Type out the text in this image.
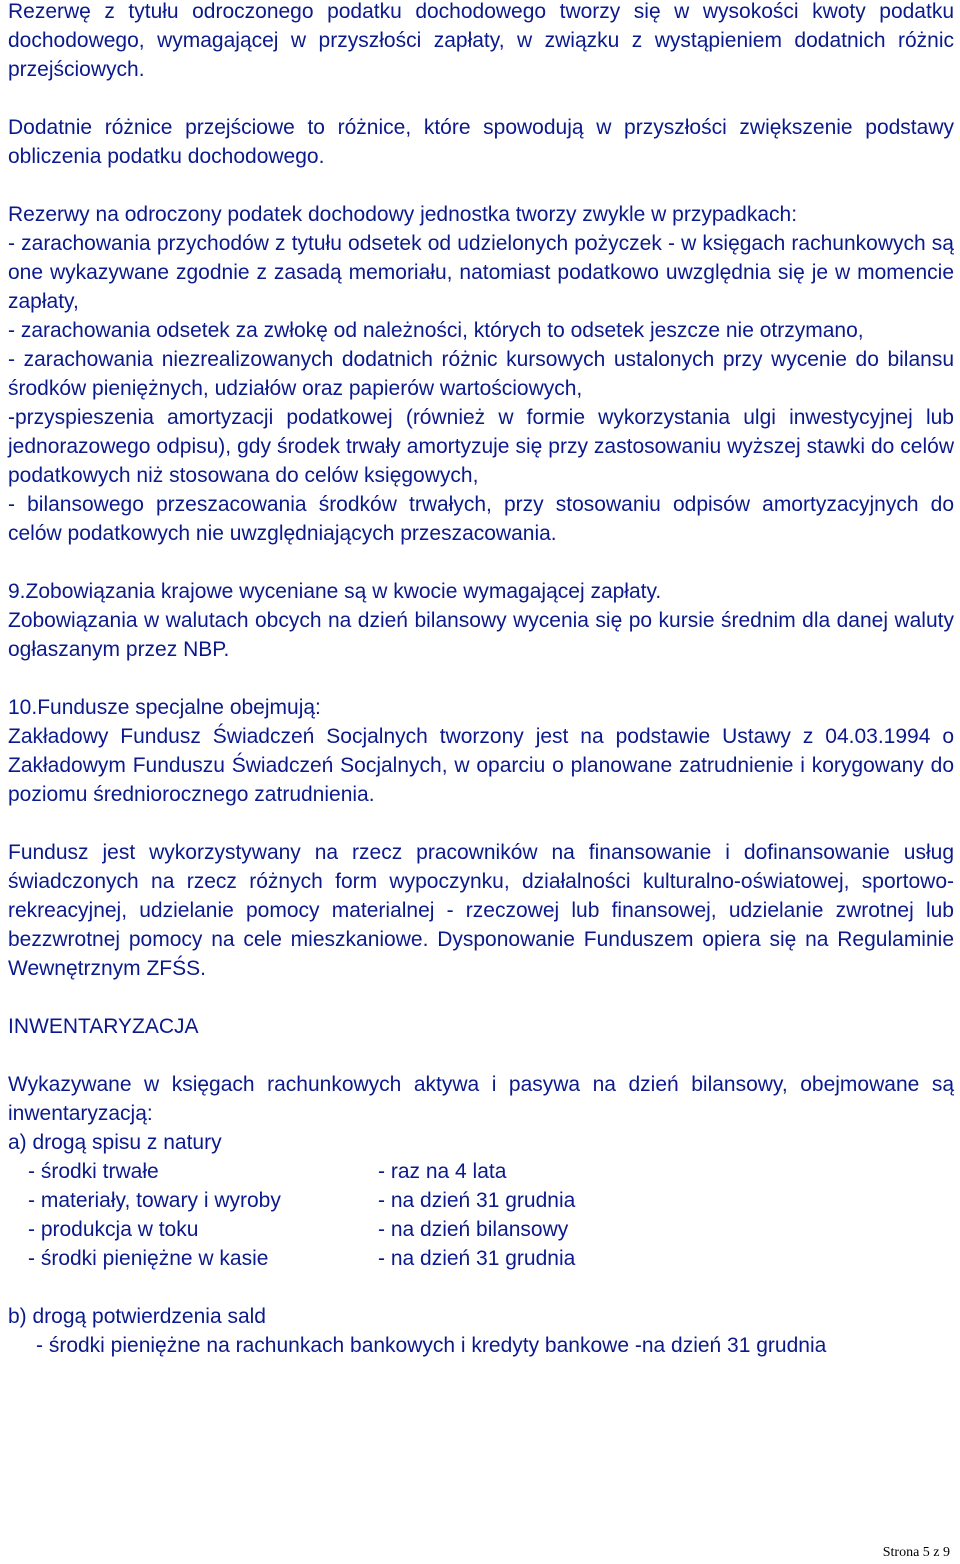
Rezerwę z tytułu odroczonego podatku dochodowego tworzy się w wysokości kwoty podatku dochodowego, wymagającej w przyszłości zapłaty, w związku z wystąpieniem dodatnich różnic przejściowych.

Dodatnie różnice przejściowe to różnice, które spowodują w przyszłości zwiększenie podstawy obliczenia podatku dochodowego.

Rezerwy na odroczony podatek dochodowy jednostka tworzy zwykle w przypadkach:

- zarachowania przychodów z tytułu odsetek od udzielonych pożyczek - w księgach rachunkowych są one wykazywane zgodnie z zasadą memoriału, natomiast podatkowo uwzględnia się je w momencie zapłaty,

- zarachowania odsetek za zwłokę od należności, których to odsetek jeszcze nie otrzymano,

- zarachowania niezrealizowanych dodatnich różnic kursowych ustalonych przy wycenie do bilansu środków pieniężnych, udziałów oraz papierów wartościowych,

-przyspieszenia amortyzacji podatkowej (również w formie wykorzystania ulgi inwestycyjnej lub jednorazowego odpisu), gdy środek trwały amortyzuje się przy zastosowaniu wyższej stawki do celów podatkowych niż stosowana do celów księgowych,

- bilansowego przeszacowania środków trwałych, przy stosowaniu odpisów amortyzacyjnych do celów podatkowych nie uwzględniających przeszacowania.

9.Zobowiązania krajowe wyceniane są w kwocie wymagającej zapłaty.

Zobowiązania w walutach obcych na dzień bilansowy wycenia się po kursie średnim dla danej waluty ogłaszanym przez NBP.

10.Fundusze specjalne obejmują:

Zakładowy Fundusz Świadczeń Socjalnych tworzony jest na podstawie Ustawy z 04.03.1994 o Zakładowym Funduszu Świadczeń Socjalnych, w oparciu o planowane zatrudnienie i korygowany do poziomu średniorocznego zatrudnienia.

Fundusz jest wykorzystywany na rzecz pracowników na finansowanie i dofinansowanie usług świadczonych na rzecz różnych form wypoczynku, działalności kulturalno-oświatowej, sportowo-rekreacyjnej, udzielanie pomocy materialnej - rzeczowej lub finansowej, udzielanie zwrotnej lub bezzwrotnej pomocy na cele mieszkaniowe. Dysponowanie Funduszem opiera się na Regulaminie Wewnętrznym ZFŚS.

INWENTARYZACJA

Wykazywane w księgach rachunkowych aktywa i pasywa na dzień bilansowy, obejmowane są inwentaryzacją:

a) drogą spisu z natury

- środki trwałe	- raz na 4 lata
- materiały, towary i wyroby	- na dzień 31 grudnia
- produkcja w toku	- na dzień bilansowy
- środki pieniężne w kasie	- na dzień 31 grudnia

b) drogą potwierdzenia sald

- środki pieniężne na rachunkach bankowych i kredyty bankowe -na dzień 31 grudnia

Strona 5 z 9
